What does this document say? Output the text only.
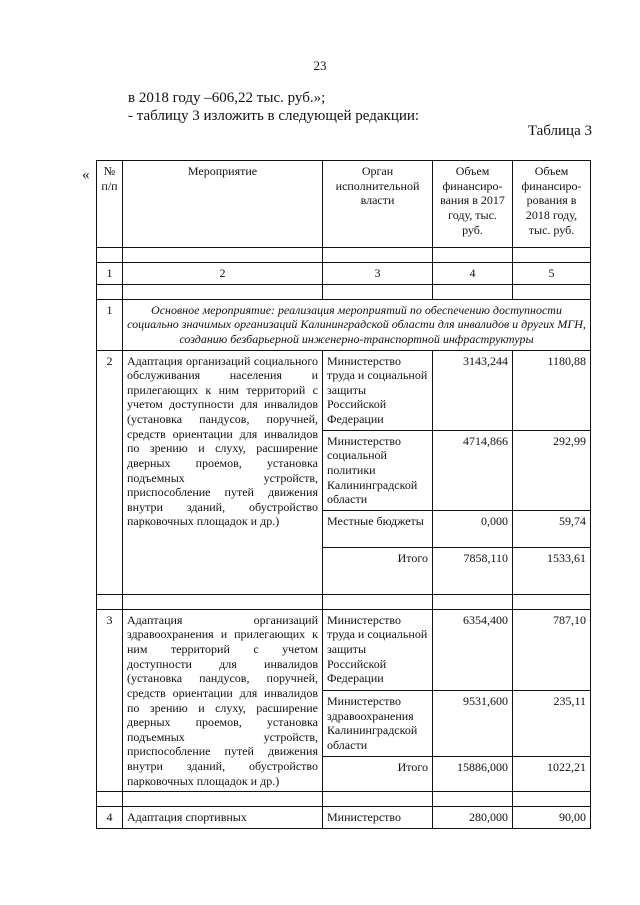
23
в 2018 году –606,22 тыс. руб.»;
- таблицу 3 изложить в следующей редакции:
Таблица 3
« № п/п	Мероприятие	Орган исполнительной власти	Объем финансиро-вания в 2017 году, тыс. руб.	Объем финансиро-рования в 2018 году, тыс. руб.

1	2	3	4	5

1	Основное мероприятие: реализация мероприятий по обеспечению доступности социально значимых организаций Калининградской области для инвалидов и других МГН, созданию безбарьерной инженерно-транспортной инфраструктуры			
2	Адаптация организаций социального обслуживания населения и прилегающих к ним территорий с учетом доступности для инвалидов (установка пандусов, поручней, средств ориентации для инвалидов по зрению и слуху, расширение дверных проемов, установка подъемных устройств, приспособление путей движения внутри зданий, обустройство парковочных площадок и др.)	Министерство труда и социальной защиты Российской Федерации	3143,244	1180,88
		Министерство социальной политики Калининградской области	4714,866	292,99
		Местные бюджеты	0,000	59,74
		Итого	7858,110	1533,61

3	Адаптация организаций здравоохранения и прилегающих к ним территорий с учетом доступности для инвалидов (установка пандусов, поручней, средств ориентации для инвалидов по зрению и слуху, расширение дверных проемов, установка подъемных устройств, приспособление путей движения внутри зданий, обустройство парковочных площадок и др.)	Министерство труда и социальной защиты Российской Федерации	6354,400	787,10
		Министерство здравоохранения Калининградской области	9531,600	235,11
		Итого	15886,000	1022,21

4	Адаптация спортивных	Министерство	280,000	90,00
